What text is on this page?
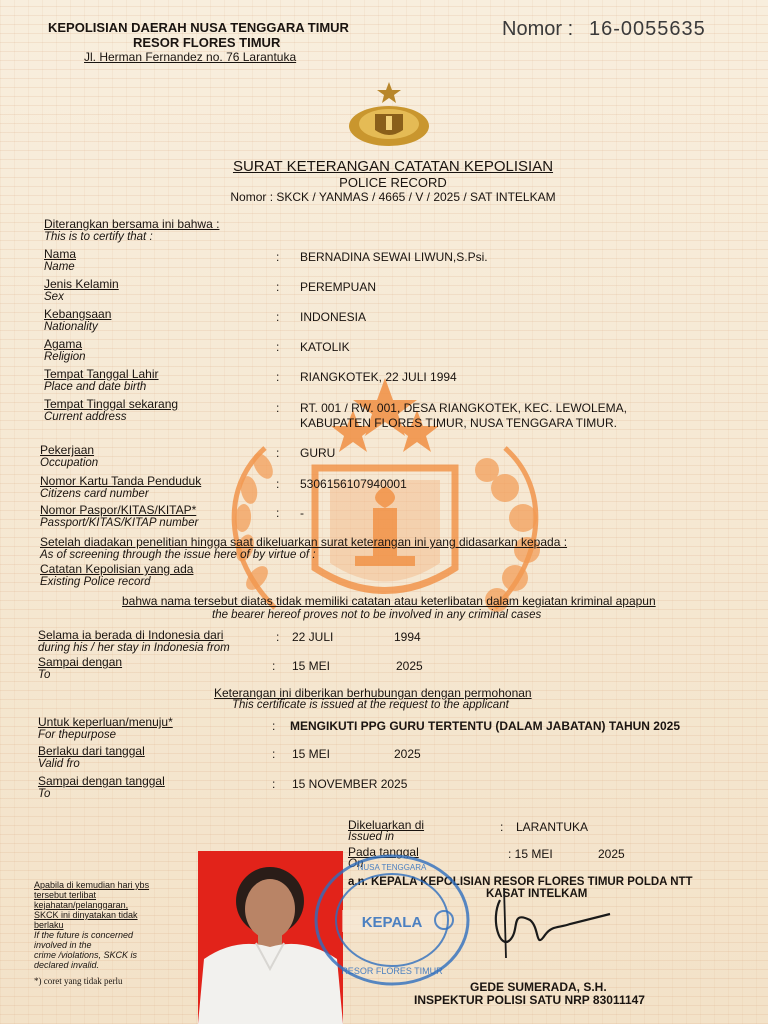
KEPOLISIAN DAERAH NUSA TENGGARA TIMUR
RESOR FLORES TIMUR
Jl. Herman Fernandez no. 76 Larantuka
Nomor : 16-0055635
SURAT KETERANGAN CATATAN KEPOLISIAN
POLICE RECORD
Nomor : SKCK / YANMAS / 4665 / V / 2025 / SAT INTELKAM
Diterangkan bersama ini bahwa :
This is to certify that :
Nama
Name
: BERNADINA SEWAI LIWUN,S.Psi.
Jenis Kelamin
Sex
: PEREMPUAN
Kebangsaan
Nationality
: INDONESIA
Agama
Religion
: KATOLIK
Tempat Tanggal Lahir
Place and date birth
: RIANGKOTEK, 22 JULI 1994
Tempat Tinggal sekarang
Current address
: RT. 001 / RW. 001, DESA RIANGKOTEK, KEC. LEWOLEMA,
KABUPATEN FLORES TIMUR, NUSA TENGGARA TIMUR.
Pekerjaan
Occupation
: GURU
Nomor Kartu Tanda Penduduk
Citizens card number
: 5306156107940001
Nomor Paspor/KITAS/KITAP*
Passport/KITAS/KITAP number
: -
Setelah diadakan penelitian hingga saat dikeluarkan surat keterangan ini yang didasarkan kepada :
As of screening through the issue here of by virtue of :
Catatan Kepolisian yang ada
Existing Police record
bahwa nama tersebut diatas tidak memiliki catatan atau keterlibatan dalam kegiatan kriminal apapun
the bearer hereof proves not to be involved in any criminal cases
Selama ia berada di Indonesia dari
during his / her stay in Indonesia from
: 22 JULI	1994
Sampai dengan
To
: 15 MEI	2025
Keterangan ini diberikan berhubungan dengan permohonan
This certificate is issued at the request to the applicant
Untuk keperluan/menuju*
For thepurpose
: MENGIKUTI PPG GURU TERTENTU (DALAM JABATAN) TAHUN 2025
Berlaku dari tanggal
Valid fro
: 15 MEI	2025
Sampai dengan tanggal
To
: 15 NOVEMBER 2025
Dikeluarkan di
Issued in
: LARANTUKA
Pada tanggal
On
: 15 MEI	2025
a.n. KEPALA KEPOLISIAN RESOR FLORES TIMUR POLDA NTT
KASAT INTELKAM
GEDE SUMERADA, S.H.
INSPEKTUR POLISI SATU NRP 83011147
KEPALA
NUSA TENGGARA
RESOR FLORES TIMUR
Apabila di kemudian hari ybs
tersebut terlibat
kejahatan/pelanggaran,
SKCK ini dinyatakan tidak
berlaku
If the future is concerned
involved in the
crime /violations, SKCK is
declared invalid.
*) coret yang tidak perlu
